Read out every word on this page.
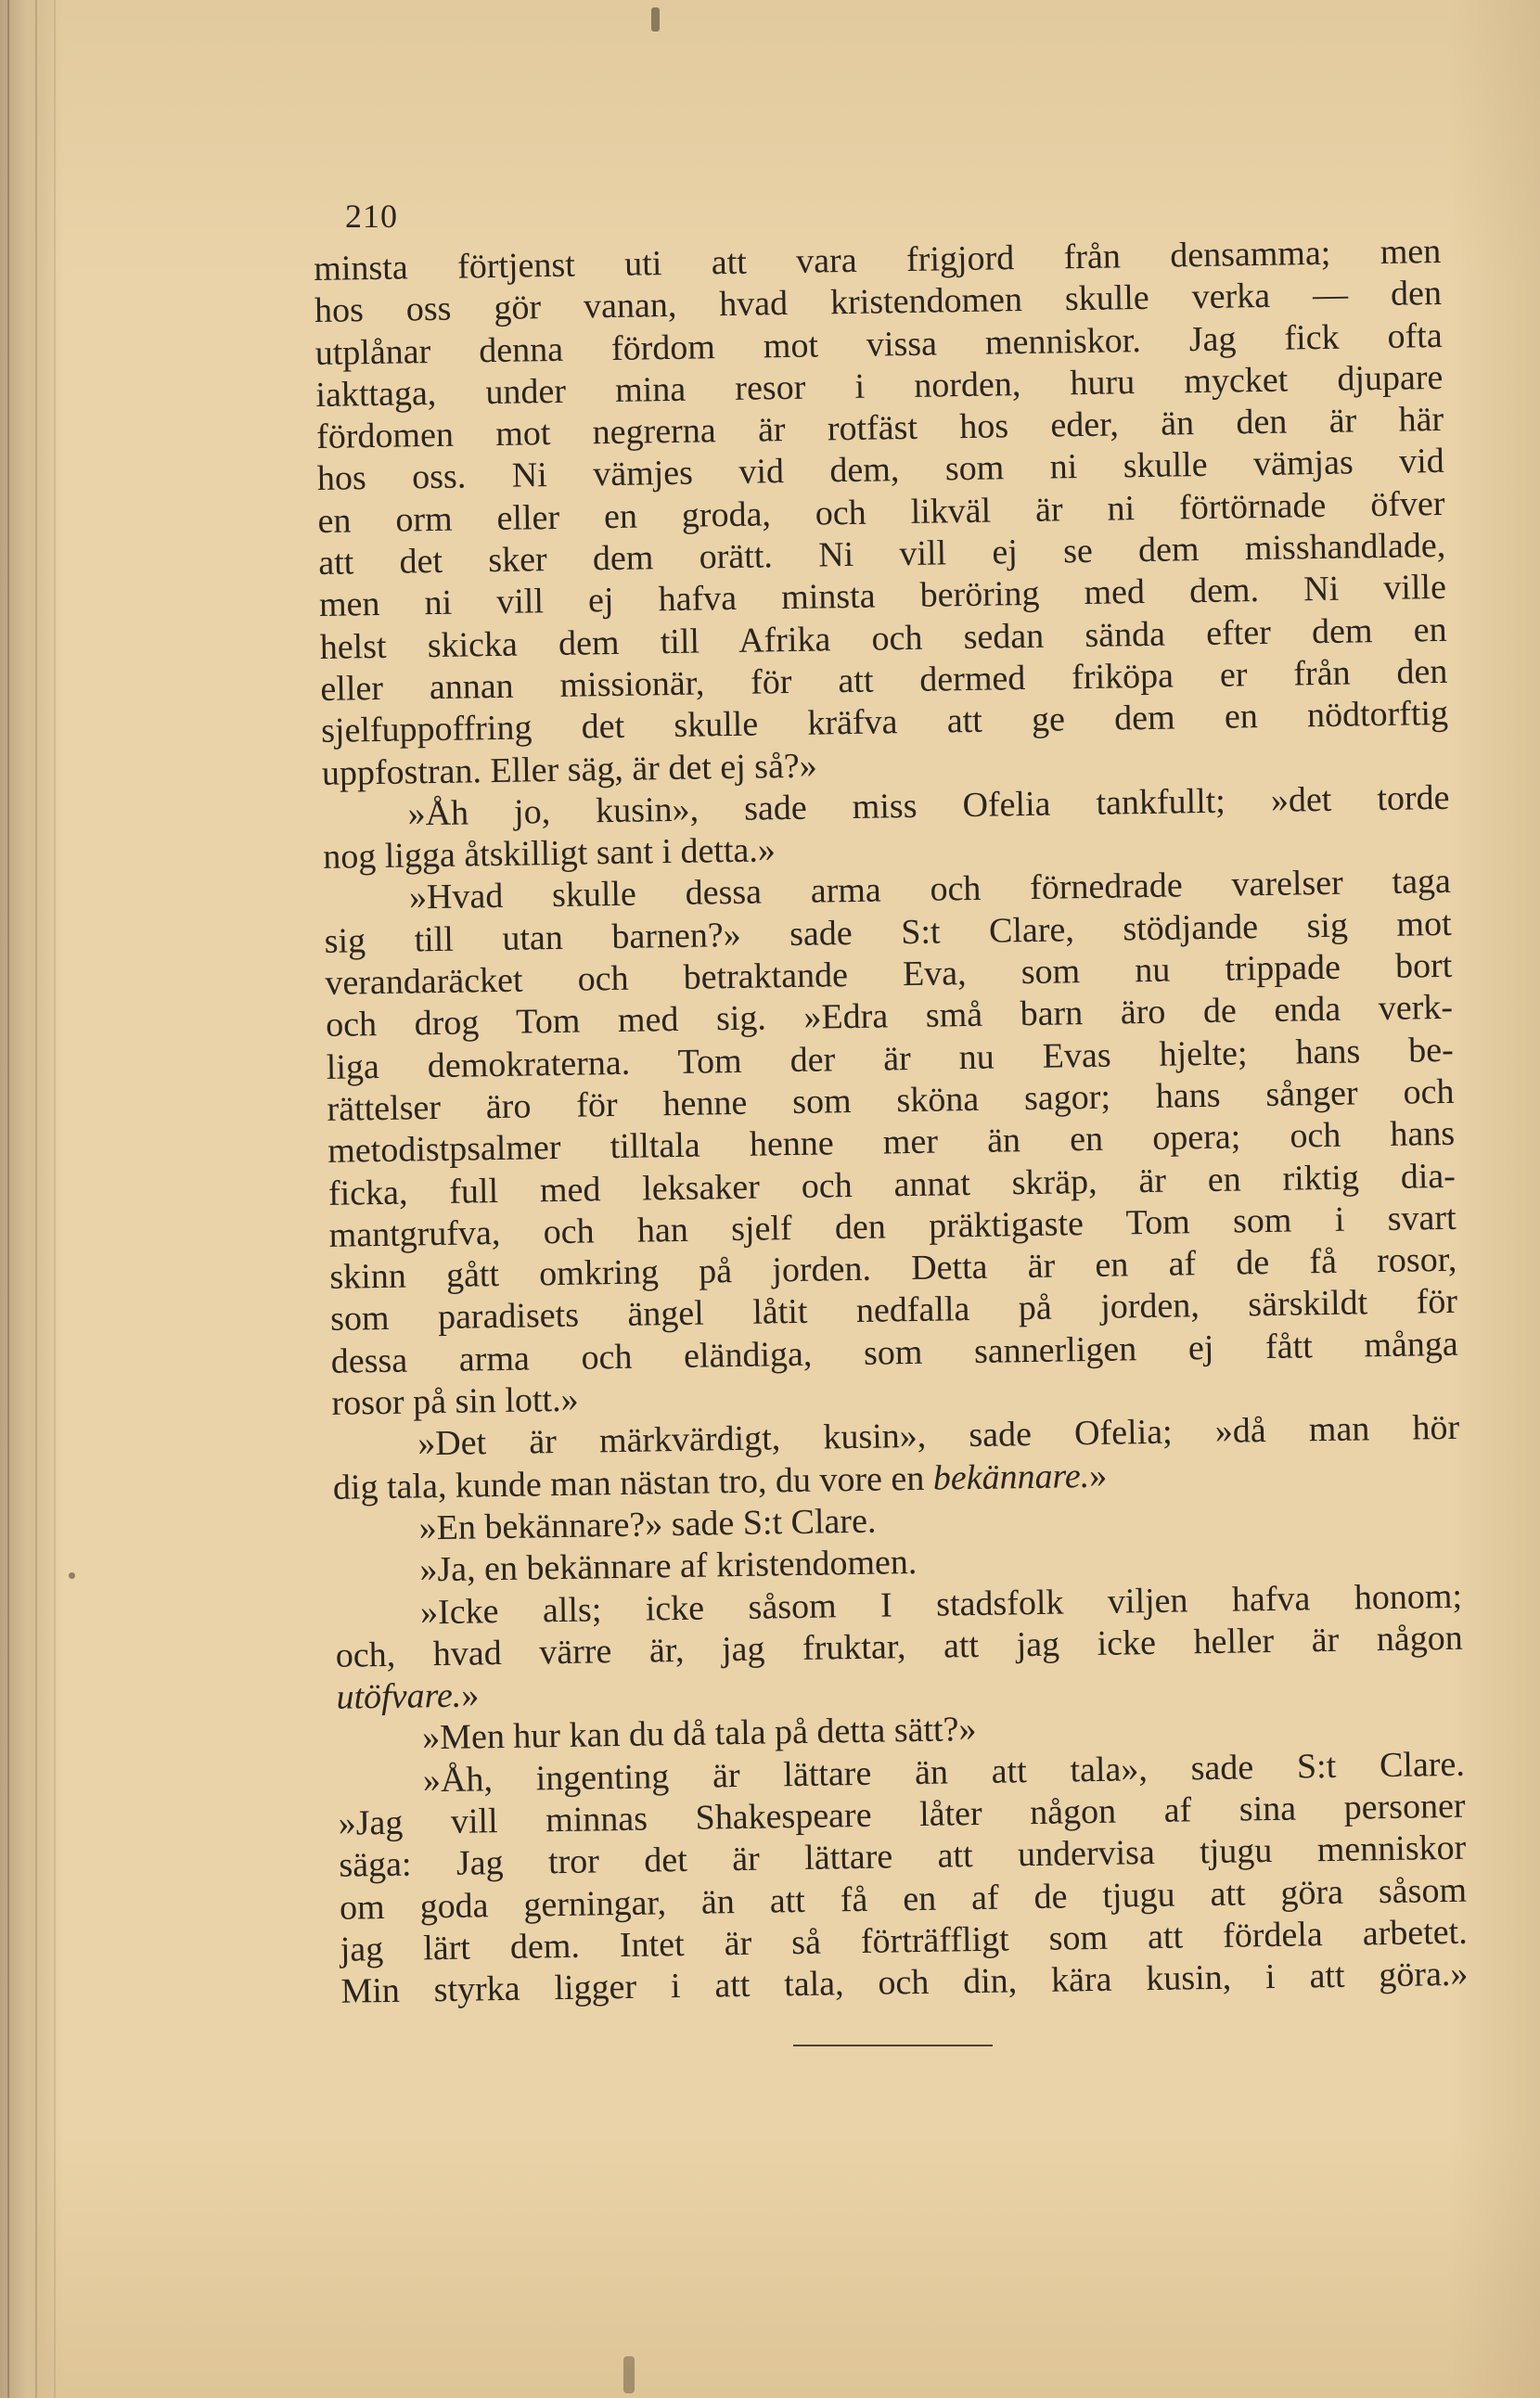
210
minsta förtjenst uti att vara frigjord från densamma; men
hos oss gör vanan, hvad kristendomen skulle verka — den
utplånar denna fördom mot vissa menniskor. Jag fick ofta
iakttaga, under mina resor i norden, huru mycket djupare
fördomen mot negrerna är rotfäst hos eder, än den är här
hos oss. Ni vämjes vid dem, som ni skulle vämjas vid
en orm eller en groda, och likväl är ni förtörnade öfver
att det sker dem orätt. Ni vill ej se dem misshandlade,
men ni vill ej hafva minsta beröring med dem. Ni ville
helst skicka dem till Afrika och sedan sända efter dem en
eller annan missionär, för att dermed friköpa er från den
sjelfuppoffring det skulle kräfva att ge dem en nödtorftig
uppfostran. Eller säg, är det ej så?»
»Åh jo, kusin», sade miss Ofelia tankfullt; »det torde
nog ligga åtskilligt sant i detta.»
»Hvad skulle dessa arma och förnedrade varelser taga
sig till utan barnen?» sade S:t Clare, stödjande sig mot
verandaräcket och betraktande Eva, som nu trippade bort
och drog Tom med sig. »Edra små barn äro de enda verk-
liga demokraterna. Tom der är nu Evas hjelte; hans be-
rättelser äro för henne som sköna sagor; hans sånger och
metodistpsalmer tilltala henne mer än en opera; och hans
ficka, full med leksaker och annat skräp, är en riktig dia-
mantgrufva, och han sjelf den präktigaste Tom som i svart
skinn gått omkring på jorden. Detta är en af de få rosor,
som paradisets ängel låtit nedfalla på jorden, särskildt för
dessa arma och eländiga, som sannerligen ej fått många
rosor på sin lott.»
»Det är märkvärdigt, kusin», sade Ofelia; »då man hör
dig tala, kunde man nästan tro, du vore en bekännare.»
»En bekännare?» sade S:t Clare.
»Ja, en bekännare af kristendomen.
»Icke alls; icke såsom I stadsfolk viljen hafva honom;
och, hvad värre är, jag fruktar, att jag icke heller är någon
utöfvare.»
»Men hur kan du då tala på detta sätt?»
»Åh, ingenting är lättare än att tala», sade S:t Clare.
»Jag vill minnas Shakespeare låter någon af sina personer
säga: Jag tror det är lättare att undervisa tjugu menniskor
om goda gerningar, än att få en af de tjugu att göra såsom
jag lärt dem. Intet är så förträffligt som att fördela arbetet.
Min styrka ligger i att tala, och din, kära kusin, i att göra.»
